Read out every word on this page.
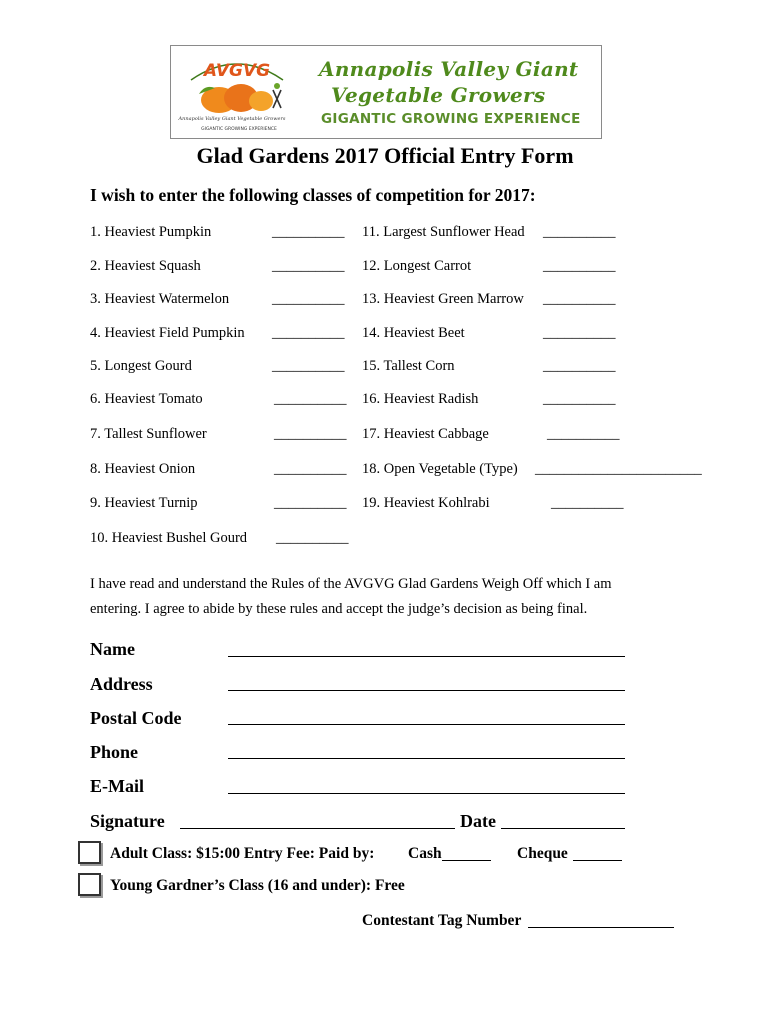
AVGVG
Annapolis Valley Giant Vegetable Growers
GIGANTIC GROWING EXPERIENCE
Annapolis Valley Giant
Vegetable Growers
GIGANTIC GROWING EXPERIENCE
Glad Gardens 2017 Official Entry Form
I wish to enter the following classes of competition for 2017:
1. Heaviest Pumpkin	__________
2. Heaviest Squash	__________
3. Heaviest Watermelon	__________
4. Heaviest Field Pumpkin __________
5. Longest Gourd	__________
6. Heaviest Tomato	__________
7. Tallest Sunflower	__________
8. Heaviest Onion	__________
9. Heaviest Turnip	__________
10. Heaviest Bushel Gourd __________
11. Largest Sunflower Head __________
12. Longest Carrot	__________
13. Heaviest Green Marrow __________
14. Heaviest Beet	__________
15. Tallest Corn	__________
16. Heaviest Radish	__________
17. Heaviest Cabbage	__________
18. Open Vegetable (Type) _______________________
19. Heaviest Kohlrabi	__________
I have read and understand the Rules of the AVGVG Glad Gardens Weigh Off which I am
entering. I agree to abide by these rules and accept the judge’s decision as being final.
Name
Address
Postal Code
Phone
E-Mail
Signature	Date
Adult Class: $15:00 Entry Fee: Paid by: Cash	Cheque
Young Gardner’s Class (16 and under): Free
Contestant Tag Number
